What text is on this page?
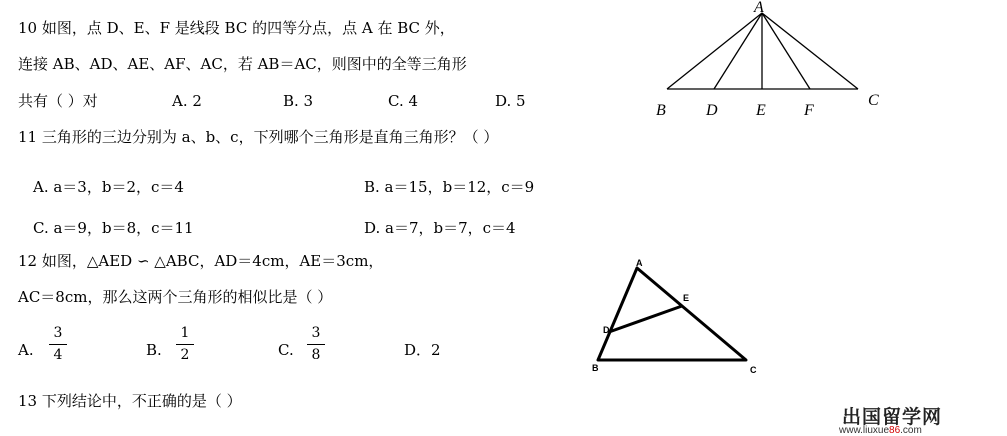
10 如图，点 D、E、F 是线段 BC 的四等分点，点 A 在 BC 外，
连接 AB、AD、AE、AF、AC，若 AB＝AC，则图中的全等三角形
共有（ ）对	A. 2	B. 3	C. 4	D. 5
A
B	D E F
C
11 三角形的三边分别为 a、b、c，下列哪个三角形是直角三角形？（ ）
A. a＝3，b＝2，c＝4	B. a＝15，b＝12，c＝9
C. a＝9，b＝8，c＝11	D. a＝7，b＝7，c＝4
12 如图，△AED ∽ △ABC，AD＝4cm，AE＝3cm，
AC＝8cm，那么这两个三角形的相似比是（ ）
A.
3
4	B.
1
2	C.
3
8	D．2
A
E
D
B	C
13 下列结论中，不正确的是（ ）
出国留学网
www.liuxue86.com
